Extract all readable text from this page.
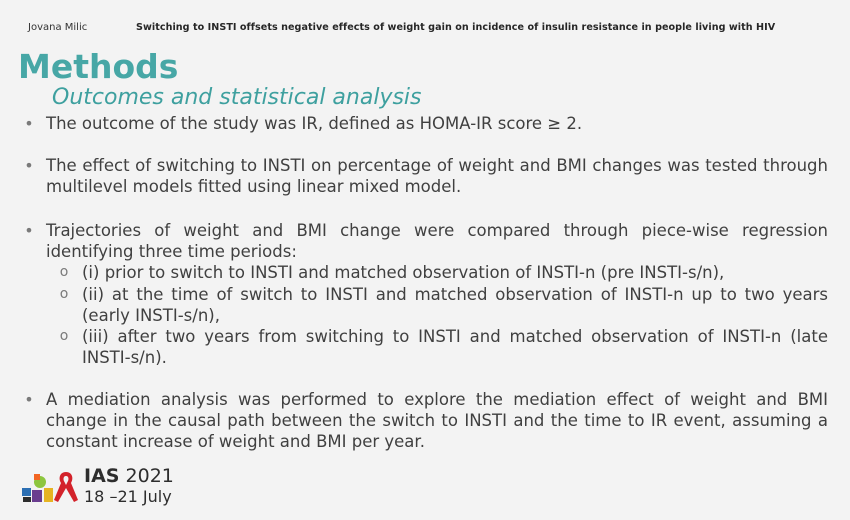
Jovana Milic	Switching to INSTI offsets negative effects of weight gain on incidence of insulin resistance in people living with HIV
Methods
Outcomes and statistical analysis
• The outcome of the study was IR, defined as HOMA-IR score ≥ 2.
• The effect of switching to INSTI on percentage of weight and BMI changes was tested through multilevel models fitted using linear mixed model.
• Trajectories of weight and BMI change were compared through piece-wise regression identifying three time periods:
o (i) prior to switch to INSTI and matched observation of INSTI-n (pre INSTI-s/n),
o (ii) at the time of switch to INSTI and matched observation of INSTI-n up to two years (early INSTI-s/n),
o (iii) after two years from switching to INSTI and matched observation of INSTI-n (late INSTI-s/n).
• A mediation analysis was performed to explore the mediation effect of weight and BMI change in the causal path between the switch to INSTI and the time to IR event, assuming a constant increase of weight and BMI per year.
IAS 2021
18 –21 July
